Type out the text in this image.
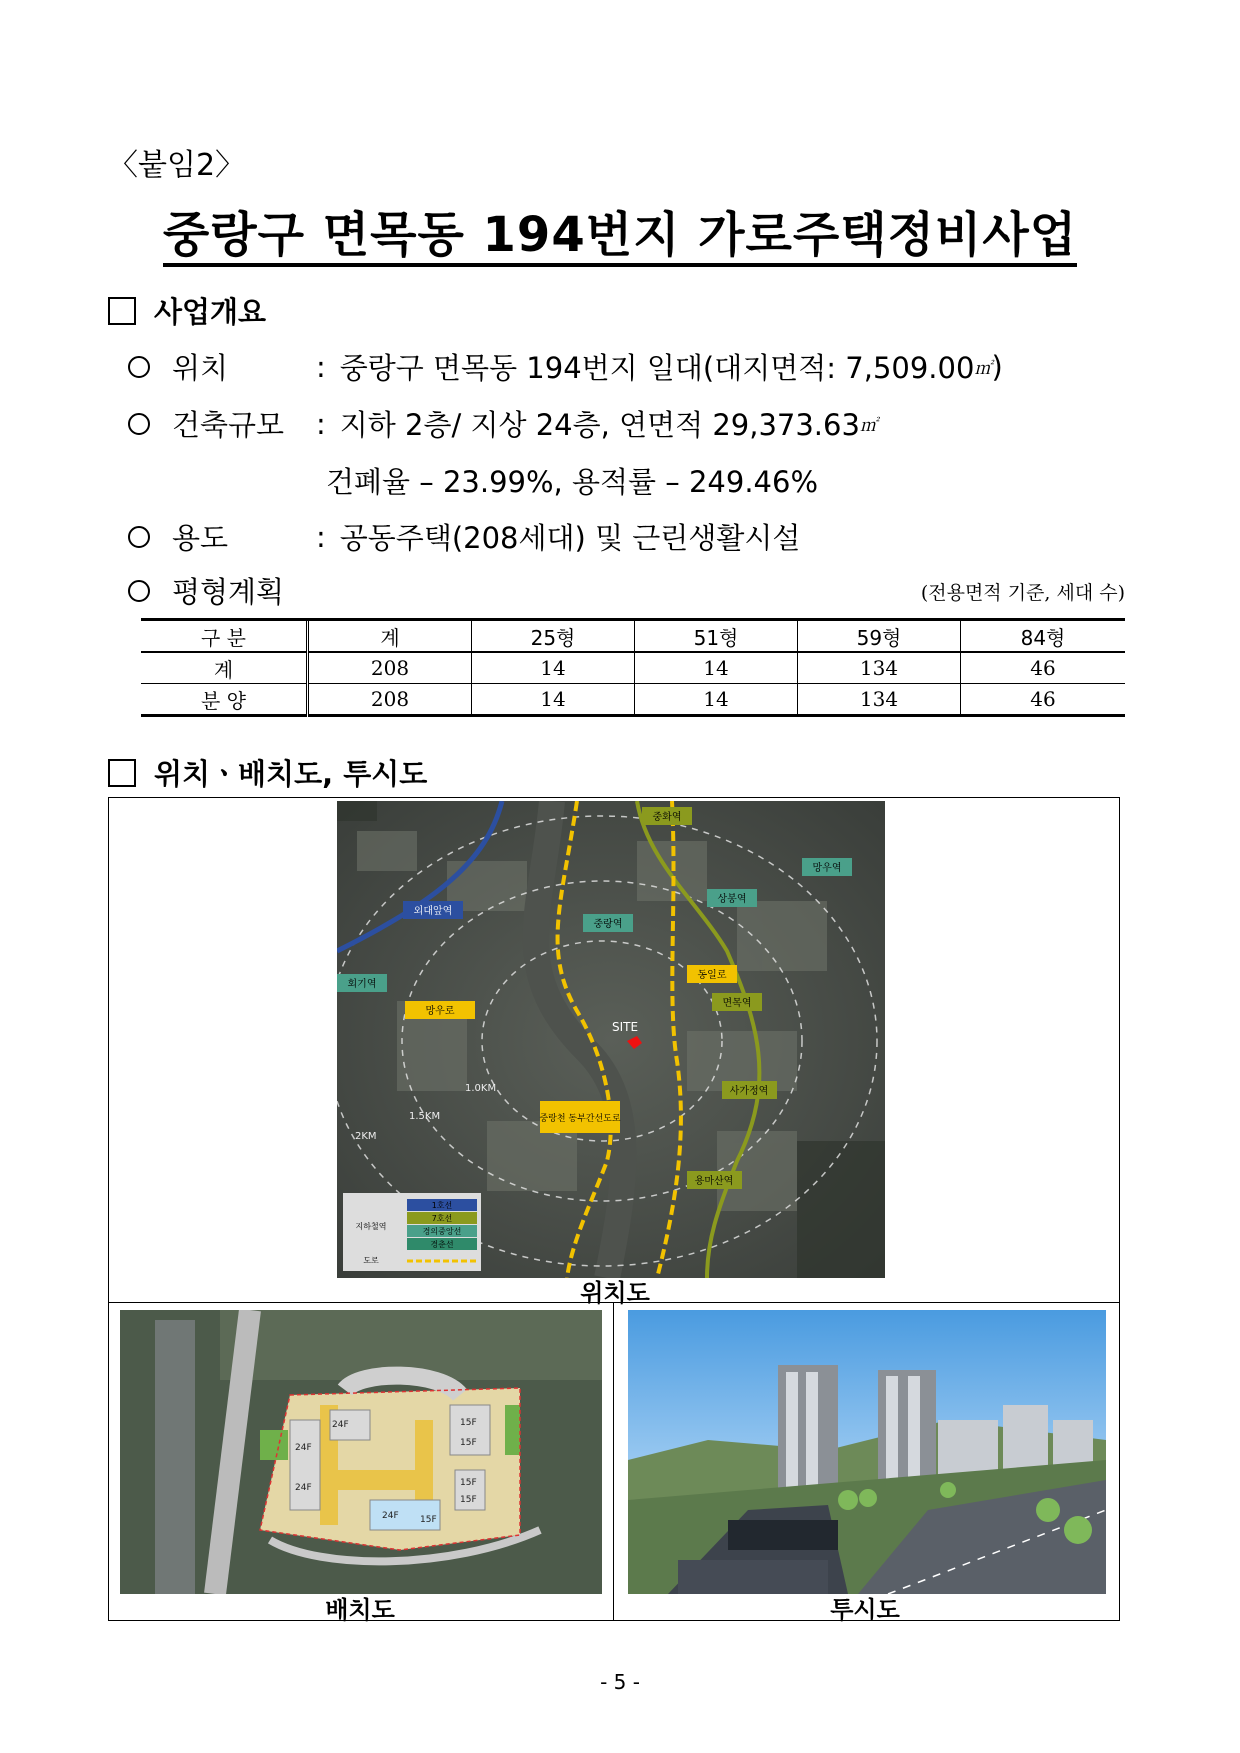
〈붙임2〉
중랑구 면목동 194번지 가로주택정비사업
사업개요
위치	: 중랑구 면목동 194번지 일대(대지면적: 7,509.00 ㎡ )
건축규모	: 지하 2층/ 지상 24층, 연면적 29,373.63 ㎡
건폐율 – 23.99%, 용적률 – 249.46%
용도	: 공동주택(208세대) 및 근린생활시설
평형계획	(전용면적 기준, 세대 수)
구 분	계	25형	51형	59형	84형
계	208	14	14	134	46
분 양	208	14	14	134	46
위치ㆍ배치도, 투시도
SITE
중화역
망우역
상봉역
외대앞역
중랑역
회기역
면목역
사가정역
용마산역
동일로
망우로
중랑천 동부간선도로
1.0KM
1.5KM
2KM
지하철역
도로
1호선
7호선
경의중앙선
경춘선
위치도
24F
24F
24F
24F
15F
15F
15F
15F
15F
배치도	투시도
- 5 -
